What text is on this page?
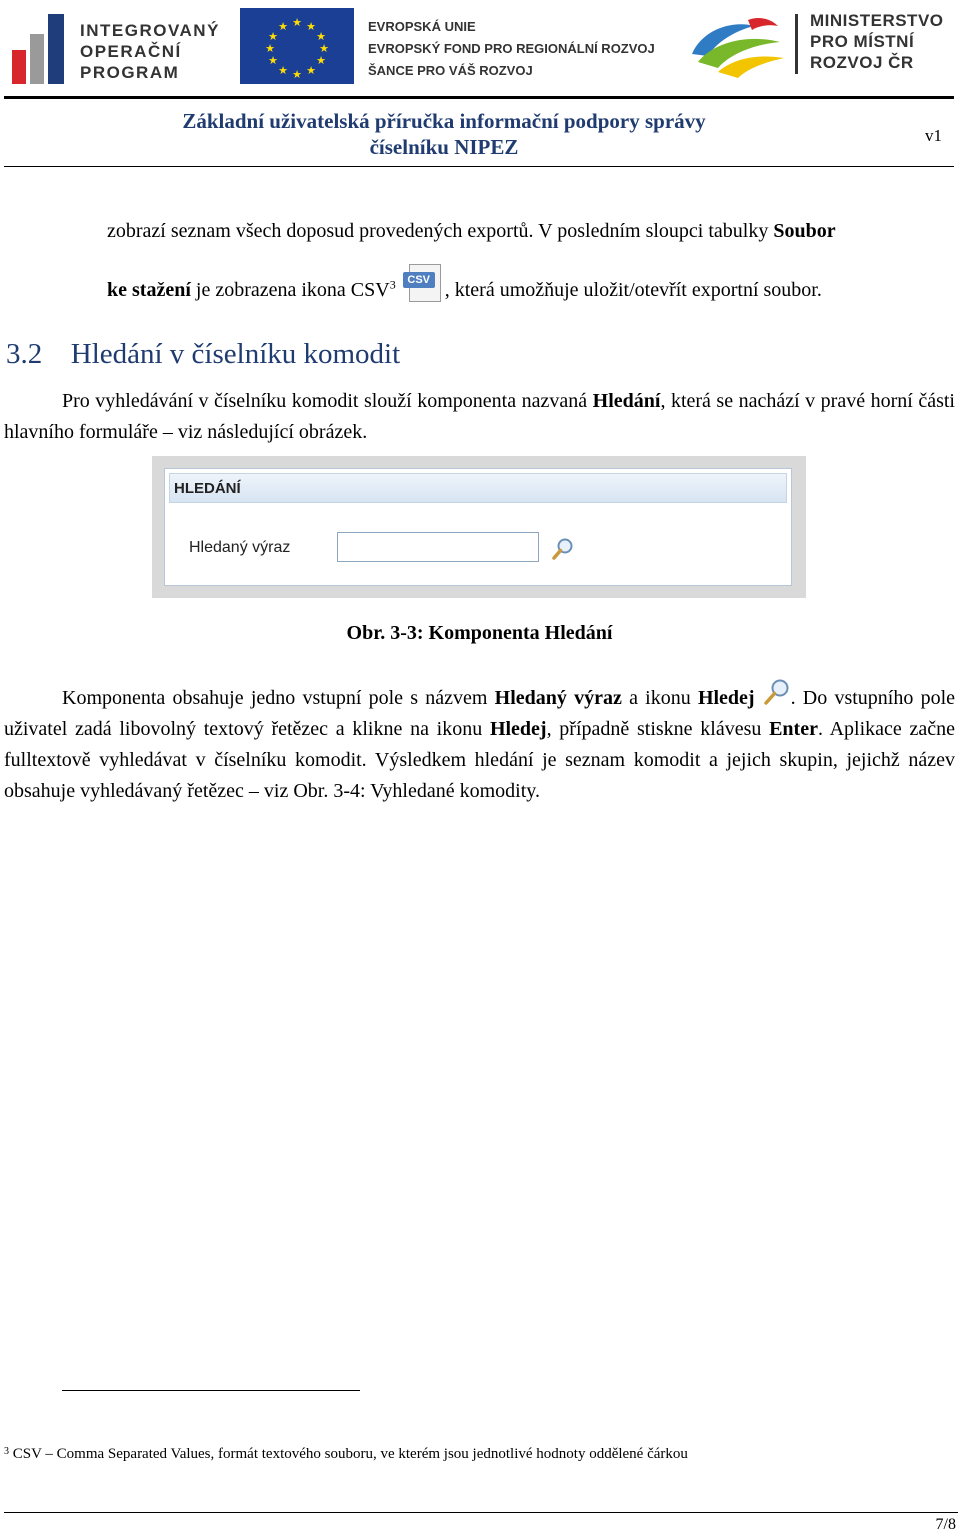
INTEGROVANÝ
OPERAČNÍ
PROGRAM
★ ★
★
★
★
★
★
★
★
★
★
★	EVROPSKÁ UNIE
EVROPSKÝ FOND PRO REGIONÁLNÍ ROZVOJ
ŠANCE PRO VÁŠ ROZVOJ
MINISTERSTVO
PRO MÍSTNÍ
ROZVOJ ČR
Základní uživatelská příručka informační podpory správy
číselníku NIPEZ	v1
zobrazí seznam všech doposud provedených exportů. V posledním sloupci tabulky Soubor
ke stažení je zobrazena ikona CSV$^3$	CSV , která umožňuje uložit/otevřít exportní soubor.
3.2 Hledání v číselníku komodit
Pro vyhledávání v číselníku komodit slouží komponenta nazvaná Hledání, která se nachází v pravé horní části hlavního formuláře – viz následující obrázek.
HLEDÁNÍ
Hledaný výraz
Obr. 3-3: Komponenta Hledání
Komponenta obsahuje jedno vstupní pole s názvem Hledaný výraz a ikonu Hledej . Do vstupního pole uživatel zadá libovolný textový řetězec a klikne na ikonu Hledej, případně stiskne klávesu Enter. Aplikace začne fulltextově vyhledávat v číselníku komodit. Výsledkem hledání je seznam komodit a jejich skupin, jejichž název obsahuje vyhledávaný řetězec – viz Obr. 3-4: Vyhledané komodity.
$^3$ CSV – Comma Separated Values, formát textového souboru, ve kterém jsou jednotlivé hodnoty oddělené čárkou
7/8
